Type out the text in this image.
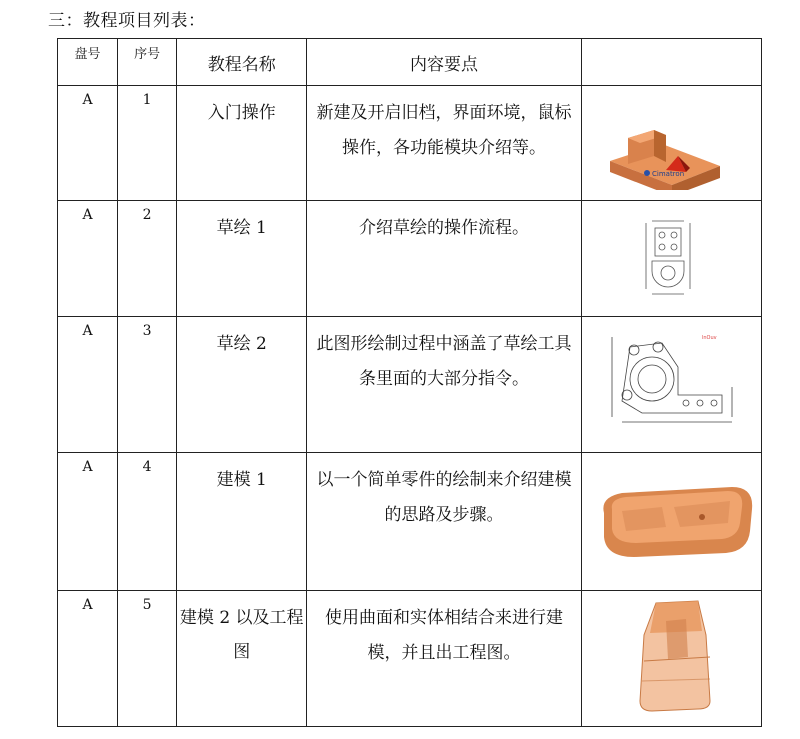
三：教程项目列表：
盘号	序号	教程名称	内容要点	
A	1	入门操作	新建及开启旧档，界面环境，鼠标操作，各功能模块介绍等。	Cimatron

A	2	草绘 1	介绍草绘的操作流程。	

A	3	草绘 2	此图形绘制过程中涵盖了草绘工具条里面的大部分指令。	lnOuv

A	4	建模 1	以一个简单零件的绘制来介绍建模的思路及步骤。	

A	5	建模 2 以及工程图	使用曲面和实体相结合来进行建模，并且出工程图。	
